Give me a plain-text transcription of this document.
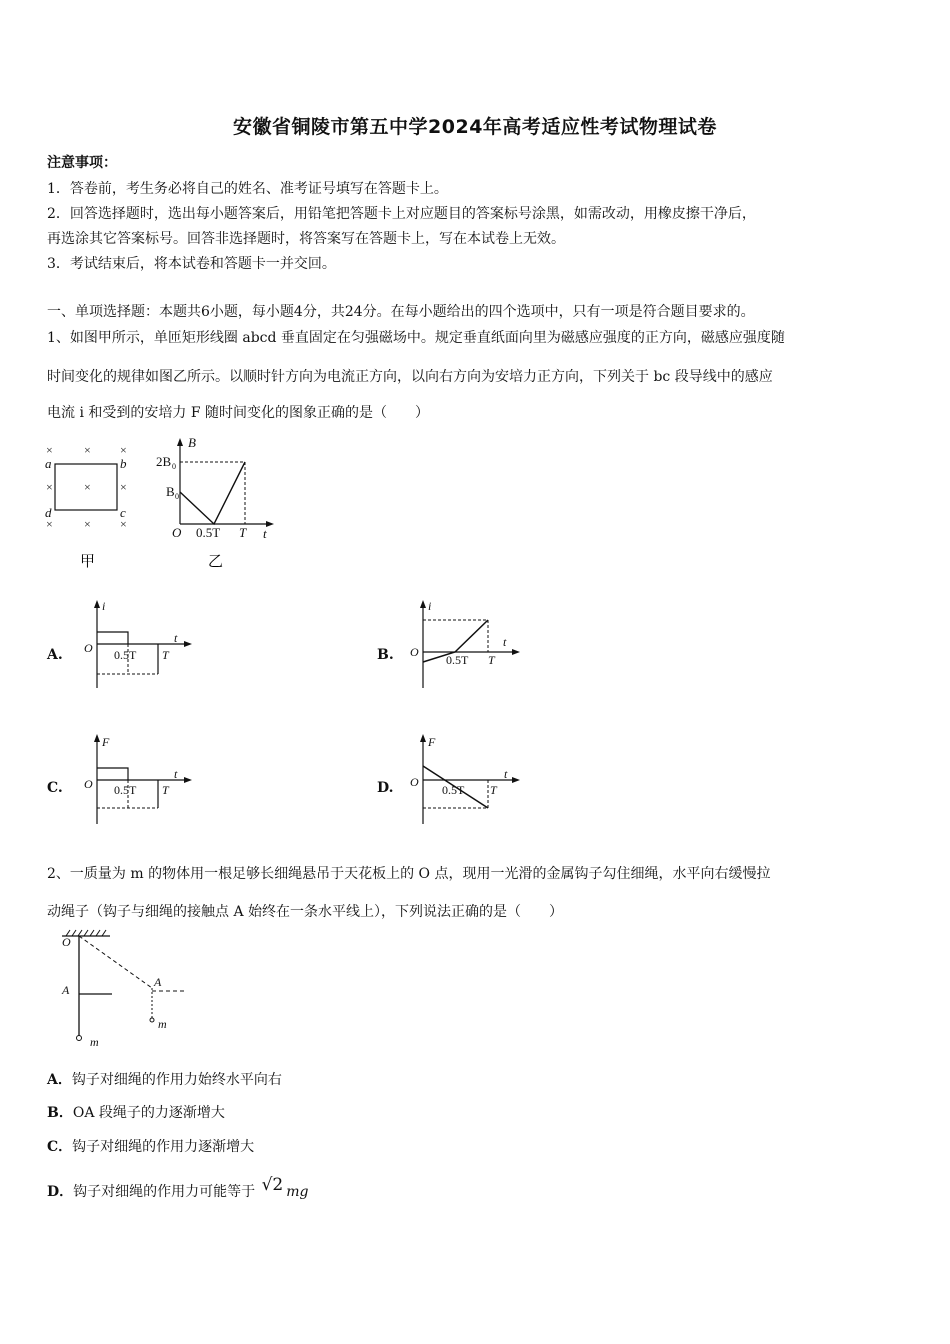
安徽省铜陵市第五中学2024年高考适应性考试物理试卷
注意事项：
1．答卷前，考生务必将自己的姓名、准考证号填写在答题卡上。
2．回答选择题时，选出每小题答案后，用铅笔把答题卡上对应题目的答案标号涂黑，如需改动，用橡皮擦干净后，
再选涂其它答案标号。回答非选择题时，将答案写在答题卡上，写在本试卷上无效。
3．考试结束后，将本试卷和答题卡一并交回。
一、单项选择题：本题共6小题，每小题4分，共24分。在每小题给出的四个选项中，只有一项是符合题目要求的。
1、如图甲所示，单匝矩形线圈 abcd 垂直固定在匀强磁场中。规定垂直纸面向里为磁感应强度的正方向，磁感应强度随
时间变化的规律如图乙所示。以顺时针方向为电流正方向，以向右方向为安培力正方向，下列关于 bc 段导线中的感应
电流 i 和受到的安培力 F 随时间变化的图象正确的是（　　）
×	× ×
×	× ×
×	× ×
a	b
c
d
甲
B
t
O
2B 0
B 0
0.5T T
乙
A.
i
t
O 0.5T T	B.
i
t
O
0.5T T
C.
F
t
O 0.5T T	D.
F
t
O
0.5T T
2、一质量为 m 的物体用一根足够长细绳悬吊于天花板上的 O 点，现用一光滑的金属钩子勾住细绳，水平向右缓慢拉
动绳子（钩子与细绳的接触点 A 始终在一条水平线上），下列说法正确的是（　　）
O
A
A
m
m
A．钩子对细绳的作用力始终水平向右
B．OA 段绳子的力逐渐增大
C．钩子对细绳的作用力逐渐增大
D．钩子对细绳的作用力可能等于 √2 mg
